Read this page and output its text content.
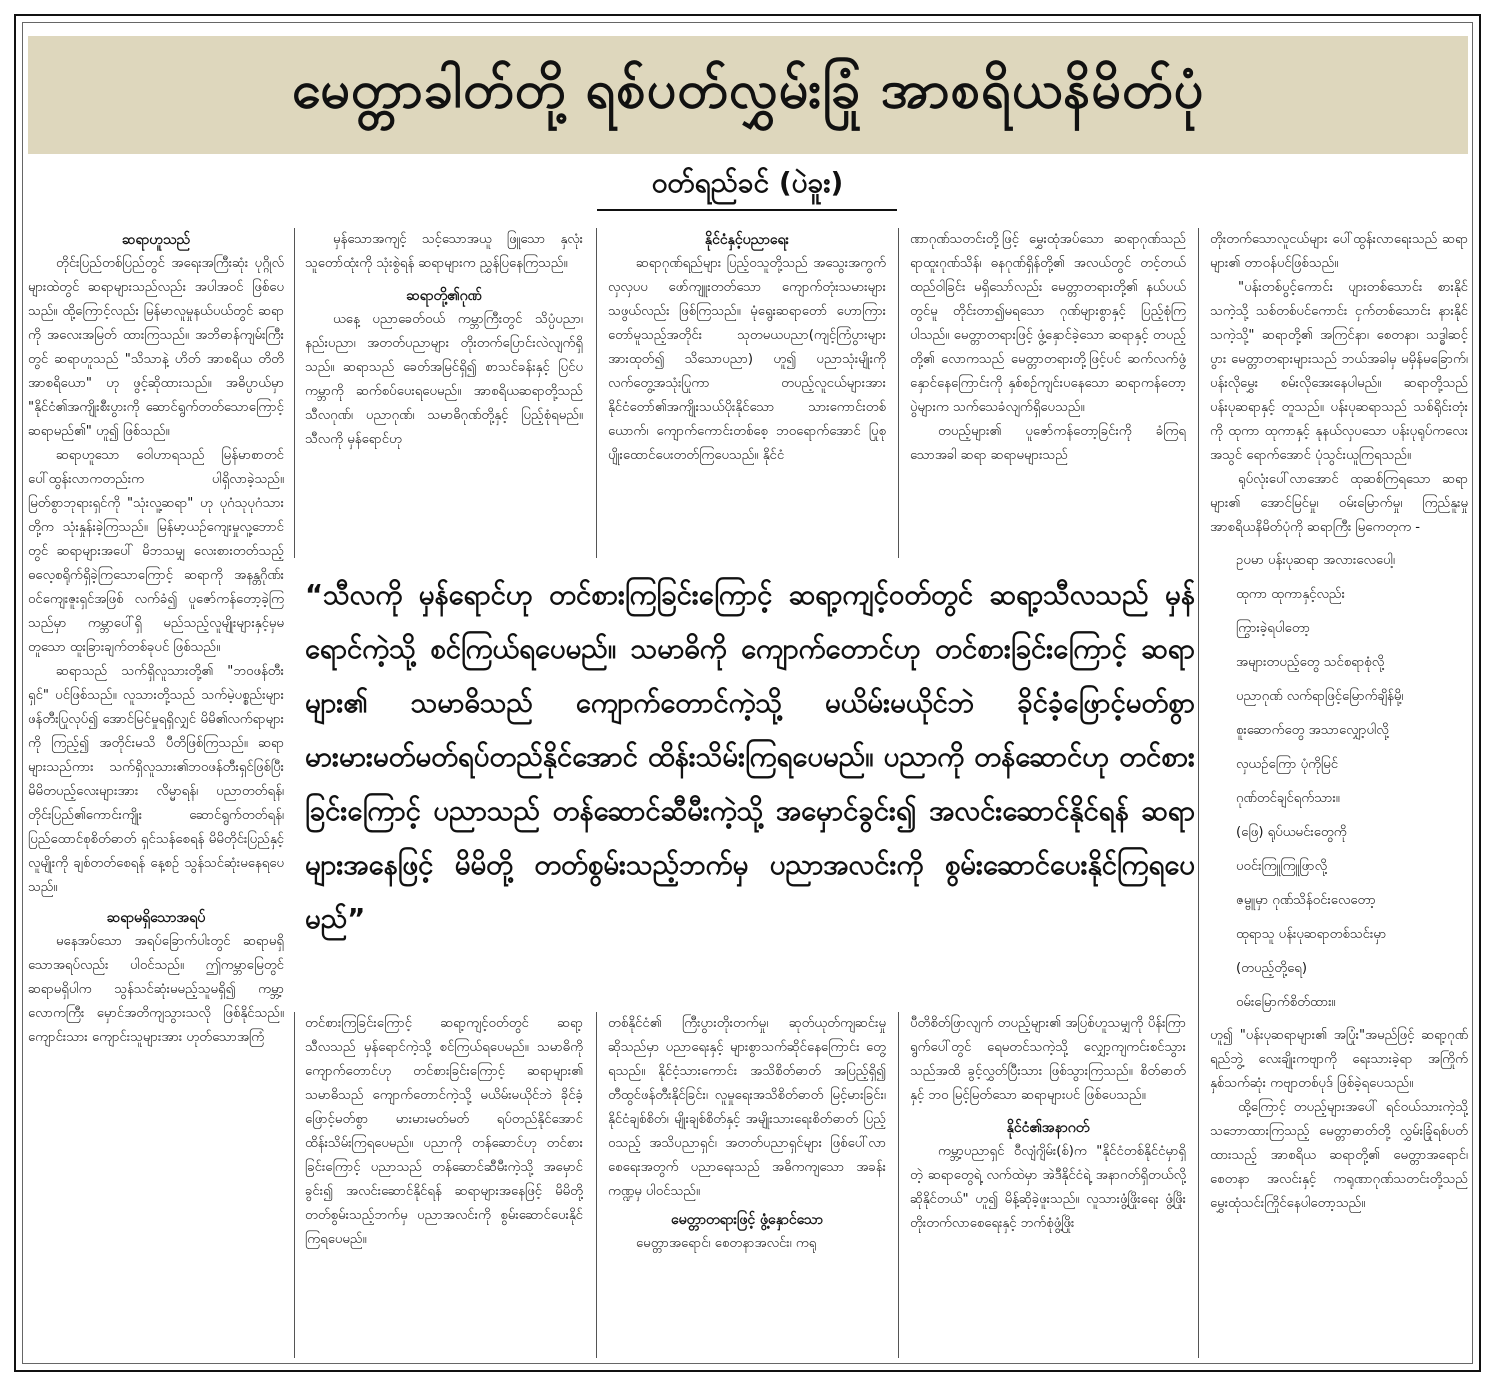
မေတ္တာခါတ်တို့ ရစ်ပတ်လွှမ်းခြုံ အာစရိယနိမိတ်ပုံ
ဝတ်ရည်ခင် (ပဲခူး)
ဆရာဟူသည်

တိုင်းပြည်တစ်ပြည်တွင် အရေးအကြီးဆုံး ပုဂ္ဂိုလ်များထဲတွင် ဆရာများသည်လည်း အပါအဝင် ဖြစ်ပေသည်။ ထို့ကြောင့်လည်း မြန်မာလူမှုနယ်ပယ်တွင် ဆရာကို အလေးအမြတ် ထားကြသည်။ အဘိဓာန်ကျမ်းကြီးတွင် ဆရာဟူသည် "သိသာနဲ့ ဟိတ် အာစရိယ တိတိ အာစရိယော" ဟု ဖွင့်ဆိုထားသည်။ အဓိပ္ပာယ်မှာ "နိုင်ငံ၏အကျိုးစီးပွားကို ဆောင်ရွက်တတ်သောကြောင့် ဆရာမည်၏" ဟူ၍ ဖြစ်သည်။

ဆရာဟူသော ဝေါဟာရသည် မြန်မာစာတင်ပေါ်ထွန်းလာကတည်းက ပါရှိလာခဲ့သည်။ မြတ်စွာဘုရားရှင်ကို "သုံးလူ့ဆရာ" ဟု ပုဂံသုပုဂံသားတို့က သုံးနှုန်းခဲ့ကြသည်။ မြန်မာ့ယဉ်ကျေးမှုလူ့ဘောင်တွင် ဆရာများအပေါ် မိဘသမျှ လေးစားတတ်သည့် ဓလေ့စရိုက်ရှိခဲ့ကြသောကြောင့် ဆရာကို အနန္တဂိုဏ်းဝင်ကျေးဇူးရှင်အဖြစ် လက်ခံ၍ ပူဇော်ကန်တော့ခဲ့ကြသည်မှာ ကမ္ဘာပေါ်ရှိ မည်သည့်လူမျိုးများနှင့်မှမတူသော ထူးခြားချက်တစ်ခုပင် ဖြစ်သည်။

ဆရာသည် သက်ရှိလူသားတို့၏ "ဘဝဖန်တီးရှင်" ပင်ဖြစ်သည်။ လူသားတို့သည် သက်မဲ့ပစ္စည်းများ ဖန်တီးပြုလုပ်၍ အောင်မြင်မှုရရှိလျှင် မိမိ၏လက်ရာများကို ကြည့်၍ အတိုင်းမသိ ပီတိဖြစ်ကြသည်။ ဆရာများသည်ကား သက်ရှိလူသား၏ဘဝဖန်တီးရှင်ဖြစ်ပြီး မိမိတပည့်လေးများအား လိမ္မာရန်၊ ပညာတတ်ရန်၊ တိုင်းပြည်၏ကောင်းကျိုး ဆောင်ရွက်တတ်ရန်၊ ပြည်ထောင်စုစိတ်ဓာတ် ရှင်သန်စေရန် မိမိတိုင်းပြည်နှင့် လူမျိုးကို ချစ်တတ်စေရန် နေ့စဉ် သွန်သင်ဆုံးမနေရပေသည်။

ဆရာမရှိသောအရပ်

မနေအပ်သော အရပ်ခြောက်ပါးတွင် ဆရာမရှိသောအရပ်လည်း ပါဝင်သည်။ ဤကမ္ဘာမြေတွင် ဆရာမရှိပါက သွန်သင်ဆုံးမမည့်သူမရှိ၍ ကမ္ဘာ့လောကကြီး မှောင်အတိကျသွားသလို ဖြစ်နိုင်သည်။ ကျောင်းသား ကျောင်းသူများအား ဟုတ်သောအကြံ

မှန်သောအကျင့် သင့်သောအယူ ဖြူသော နှလုံးသူတော်ထုံးကို သုံးစွဲရန် ဆရာများက ညွှန်ပြနေကြသည်။

ဆရာတို့၏ဂုဏ်

ယနေ့ ပညာခေတ်ဝယ် ကမ္ဘာကြီးတွင် သိပ္ပံပညာ၊ နည်းပညာ၊ အတတ်ပညာများ တိုးတက်ပြောင်းလဲလျက်ရှိသည်။ ဆရာသည် ခေတ်အမြင်ရှိ၍ စာသင်ခန်းနှင့် ပြင်ပကမ္ဘာကို ဆက်စပ်ပေးရပေမည်။ အာစရိယဆရာတို့သည် သီလဂုဏ်၊ ပညာဂုဏ်၊ သမာဓိဂုဏ်တို့နှင့် ပြည့်စုံရမည်။ သီလကို မှန်ရောင်ဟု

တင်စားကြခြင်းကြောင့် ဆရာ့ကျင့်ဝတ်တွင် ဆရာ့သီလသည် မှန်ရောင်ကဲ့သို့ စင်ကြယ်ရပေမည်။ သမာဓိကို ကျောက်တောင်ဟု တင်စားခြင်းကြောင့် ဆရာများ၏ သမာဓိသည် ကျောက်တောင်ကဲ့သို့ မယိမ်းမယိုင်ဘဲ ခိုင်ခံ့ဖြောင့်မတ်စွာ မားမားမတ်မတ် ရပ်တည်နိုင်အောင် ထိန်းသိမ်းကြရပေမည်။ ပညာကို တန်ဆောင်ဟု တင်စားခြင်းကြောင့် ပညာသည် တန်ဆောင်ဆီမီးကဲ့သို့ အမှောင်ခွင်း၍ အလင်းဆောင်နိုင်ရန် ဆရာများအနေဖြင့် မိမိတို့တတ်စွမ်းသည့်ဘက်မှ ပညာအလင်းကို စွမ်းဆောင်ပေးနိုင်ကြရပေမည်။

နိုင်ငံနှင့်ပညာရေး

ဆရာဂုဏ်ရည်များ ပြည့်ဝသူတို့သည် အသွေးအကွက် လှလှပပ ဖော်ကျူးတတ်သော ကျောက်တုံးသမားများသဖွယ်လည်း ဖြစ်ကြသည်။ မုံရွေးဆရာတော် ဟောကြားတော်မူသည့်အတိုင်း သုတမယပညာ(ကျင့်ကြံပွားများ အားထုတ်၍ သိသောပညာ) ဟူ၍ ပညာသုံးမျိုးကို လက်တွေ့အသုံးပြုကာ တပည့်လူငယ်များအား နိုင်ငံတော်၏အကျိုးသယ်ပိုးနိုင်သော သားကောင်းတစ်ယောက်၊ ကျောက်ကောင်းတစ်စေ့ ဘဝရောက်အောင် ပြုစုပျိုးထောင်ပေးတတ်ကြပေသည်။ နိုင်ငံ

တစ်နိုင်ငံ၏ ကြီးပွားတိုးတက်မှု၊ ဆုတ်ယုတ်ကျဆင်းမှုဆိုသည်မှာ ပညာရေးနှင့် များစွာသက်ဆိုင်နေကြောင်း တွေ့ရသည်။ နိုင်ငံ့သားကောင်း အသိစိတ်ဓာတ် အပြည့်ရှိ၍ တီထွင်ဖန်တီးနိုင်ခြင်း၊ လူမှုရေးအသိစိတ်ဓာတ် မြင့်မားခြင်း၊ နိုင်ငံချစ်စိတ်၊ မျိုးချစ်စိတ်နှင့် အမျိုးသားရေးစိတ်ဓာတ် ပြည့်ဝသည့် အသိပညာရှင်၊ အတတ်ပညာရှင်များ ဖြစ်ပေါ်လာစေရေးအတွက် ပညာရေးသည် အဓိကကျသော အခန်းကဏ္ဍမှ ပါဝင်သည်။

မေတ္တာတရားဖြင့် ဖွံ့နှောင်သော

မေတ္တာအရောင်၊ စေတနာအလင်း၊ ကရု

ဏာဂုဏ်သတင်းတို့ဖြင့် မွှေးထုံအပ်သော ဆရာဂုဏ်သည် ရာထူးဂုဏ်သိန်၊ ဓနဂုဏ်ရှိန်တို့၏ အလယ်တွင် တင့်တယ်ထည်ဝါခြင်း မရှိသော်လည်း မေတ္တာတရားတို့၏ နယ်ပယ်တွင်မူ တိုင်းတာ၍မရသော ဂုဏ်များစွာနှင့် ပြည့်စုံကြပါသည်။ မေတ္တာတရားဖြင့် ဖွံ့နှောင်ခဲ့သော ဆရာနှင့် တပည့်တို့၏ လောကသည် မေတ္တာတရားတို့ဖြင့်ပင် ဆက်လက်ဖွံ့နှောင်နေကြောင်းကို နှစ်စဉ်ကျင်းပနေသော ဆရာကန်တော့ပွဲများက သက်သေခံလျက်ရှိပေသည်။

တပည့်များ၏ ပူဇော်ကန်တော့ခြင်းကို ခံကြရသောအခါ ဆရာ ဆရာမများသည်

ပီတိစိတ်ဖြာလျက် တပည့်များ၏ အပြစ်ဟူသမျှကို ပိန်းကြာရွက်ပေါ်တွင် ရေမတင်သကဲ့သို့ လျှော့ကျကင်းစင်သွားသည်အထိ ခွင့်လွှတ်ပြီးသား ဖြစ်သွားကြသည်။ စိတ်ဓာတ်နှင့် ဘဝ မြင့်မြတ်သော ဆရာများပင် ဖြစ်ပေသည်။

နိုင်ငံ၏အနာဂတ်

ကမ္ဘာ့ပညာရှင် ဝီလျံဂျိမ်း(စ်)က "နိုင်ငံတစ်နိုင်ငံမှာရှိတဲ့ ဆရာတွေရဲ့ လက်ထဲမှာ အဲဒီနိုင်ငံရဲ့ အနာဂတ်ရှိတယ်လို့ ဆိုနိုင်တယ်" ဟူ၍ မိန့်ဆိုခဲ့ဖူးသည်။ လူသားဖွံ့ဖြိုးရေး ဖွံ့ဖြိုးတိုးတက်လာစေရေးနှင့် ဘက်စုံဖွံ့ဖြိုး

တိုးတက်သောလူငယ်များ ပေါ်ထွန်းလာရေးသည် ဆရာများ၏ တာဝန်ပင်ဖြစ်သည်။

"ပန်းတစ်ပွင့်ကောင်း ပျားတစ်သောင်း စားနိုင်သကဲ့သို့ သစ်တစ်ပင်ကောင်း ငှက်တစ်သောင်း နားနိုင်သကဲ့သို့" ဆရာတို့၏ အကြင်နာ၊ စေတနာ၊ သဒ္ဓါဆင့်ပွား မေတ္တာတရားများသည် ဘယ်အခါမှ မမှိန်မခြောက်၊ ပန်းလိုမွှေး စမ်းလိုအေးနေပါမည်။ ဆရာတို့သည် ပန်းပုဆရာနှင့် တူသည်။ ပန်းပုဆရာသည် သစ်ရိုင်းတုံးကို ထုကာ ထုကာနှင့် နုနယ်လှပသော ပန်းပုရုပ်ကလေးအသွင် ရောက်အောင် ပုံသွင်းယူကြရသည်။

ရုပ်လုံးပေါ်လာအောင် ထုဆစ်ကြရသော ဆရာများ၏ အောင်မြင်မှု၊ ဝမ်းမြောက်မှု၊ ကြည်နူးမှု အာစရိယနိမိတ်ပုံကို ဆရာကြီး မြကေတုက -

ဥပမာ ပန်းပုဆရာ အလားလေပေါ့၊

ထုကာ ထုကာနှင့်လည်း

ကြွားခဲ့ရပါတော့

အများတပည့်တွေ သင်စရာစုံလို့

ပညာဂုဏ် လက်ရာဖြင့်မြောက်ချိန်မို့၊

စူးဆောက်တွေ အသာလျှော့ပါလို့

လှယဉ်ကြော ပုံကိုမြင်

ဂုဏ်တင်ချင်ရက်သား။

(ဖြေ) ရုပ်ယမင်းတွေကို

ပဝင်းကြူကြူဖြာလို့

ဇမ္ဗူမှာ ဂုဏ်သိန်ဝင်းလေတော့

ထုရာသူ ပန်းပုဆရာတစ်သင်းမှာ

(တပည့်တို့ရေ)

ဝမ်းမြောက်စိတ်ထား။

ဟူ၍ "ပန်းပုဆရာများ၏ အပြုံး"အမည်ဖြင့် ဆရာ့ဂုဏ် ရည်ဘွဲ့ လေးချိုးကဗျာကို ရေးသားခဲ့ရာ အကြိုက်နှစ်သက်ဆုံး ကဗျာတစ်ပုဒ် ဖြစ်ခဲ့ရပေသည်။

ထို့ကြောင့် တပည့်များအပေါ် ရင်ဝယ်သားကဲ့သို့ သဘောထားကြသည့် မေတ္တာဓာတ်တို့ လွှမ်းခြုံရစ်ပတ်ထားသည့် အာစရိယ ဆရာတို့၏ မေတ္တာအရောင်၊ စေတနာ အလင်းနှင့် ကရုဏာဂုဏ်သတင်းတို့သည် မွှေးထုံသင်းကြိုင်နေပါတော့သည်။

“သီလကို မှန်ရောင်ဟု တင်စားကြခြင်းကြောင့် ဆရာ့ကျင့်ဝတ်တွင် ဆရာ့သီလသည် မှန်ရောင်ကဲ့သို့ စင်ကြယ်ရပေမည်။ သမာဓိကို ကျောက်တောင်ဟု တင်စားခြင်းကြောင့် ဆရာများ၏ သမာဓိသည် ကျောက်တောင်ကဲ့သို့ မယိမ်းမယိုင်ဘဲ ခိုင်ခံ့ဖြောင့်မတ်စွာ မားမားမတ်မတ်ရပ်တည်နိုင်အောင် ထိန်းသိမ်းကြရပေမည်။ ပညာကို တန်ဆောင်ဟု တင်စားခြင်းကြောင့် ပညာသည် တန်ဆောင်ဆီမီးကဲ့သို့ အမှောင်ခွင်း၍ အလင်းဆောင်နိုင်ရန် ဆရာများအနေဖြင့် မိမိတို့ တတ်စွမ်းသည့်ဘက်မှ ပညာအလင်းကို စွမ်းဆောင်ပေးနိုင်ကြရပေမည်”
